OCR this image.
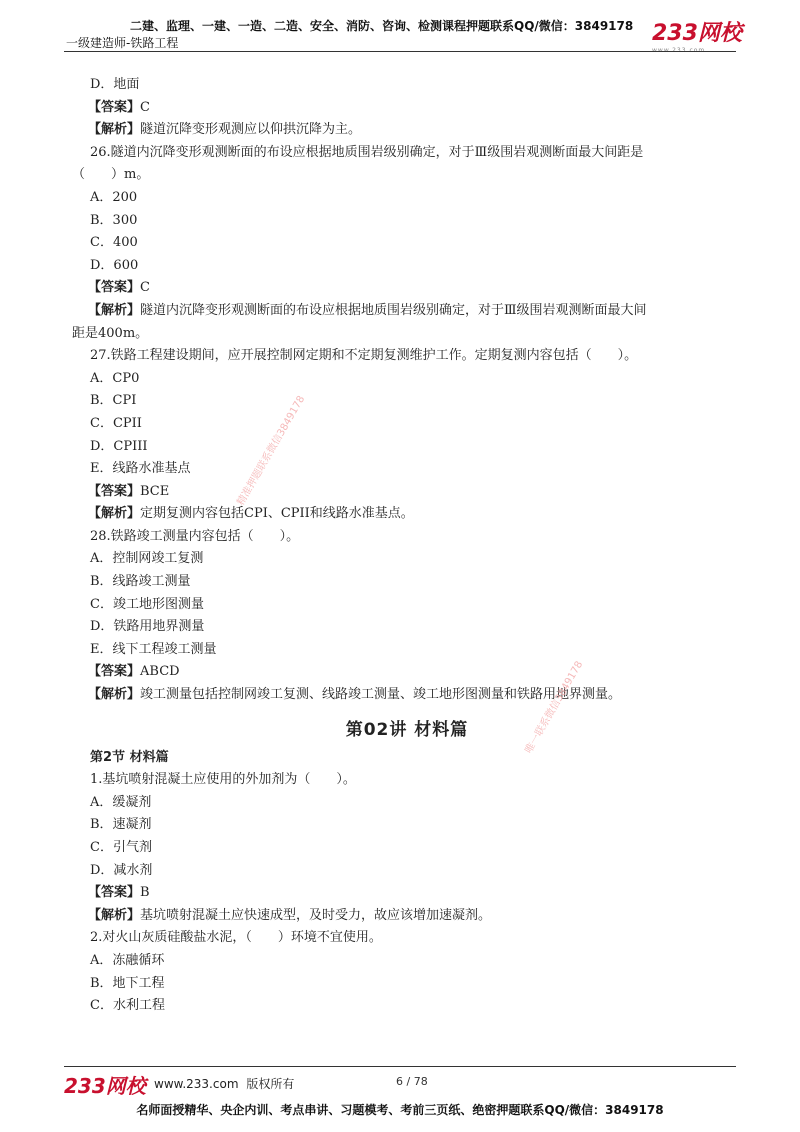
二建、监理、一建、一造、二造、安全、消防、咨询、检测课程押题联系QQ/微信：3849178
一级建造师-铁路工程	233网校
D．地面
【答案】C
【解析】隧道沉降变形观测应以仰拱沉降为主。
26.隧道内沉降变形观测断面的布设应根据地质围岩级别确定，对于Ⅲ级围岩观测断面最大间距是
（　　）m。
A．200
B．300
C．400
D．600
【答案】C
【解析】隧道内沉降变形观测断面的布设应根据地质围岩级别确定，对于Ⅲ级围岩观测断面最大间
距是400m。
27.铁路工程建设期间，应开展控制网定期和不定期复测维护工作。定期复测内容包括（　　）。
A．CP0
B．CPI
C．CPII
D．CPIII
E．线路水准基点
【答案】BCE
【解析】定期复测内容包括CPI、CPII和线路水准基点。
28.铁路竣工测量内容包括（　　）。
A．控制网竣工复测
B．线路竣工测量
C．竣工地形图测量
D．铁路用地界测量
E．线下工程竣工测量
【答案】ABCD
【解析】竣工测量包括控制网竣工复测、线路竣工测量、竣工地形图测量和铁路用地界测量。
第02讲 材料篇
第2节 材料篇
1.基坑喷射混凝土应使用的外加剂为（　　）。
A．缓凝剂
B．速凝剂
C．引气剂
D．减水剂
【答案】B
【解析】基坑喷射混凝土应快速成型，及时受力，故应该增加速凝剂。
2.对火山灰质硅酸盐水泥，（　　）环境不宜使用。
A．冻融循环
B．地下工程
C．水利工程
精准押题联系微信3849178
唯一联系微信3849178
233网校 www.233.com 版权所有	6 / 78
名师面授精华、央企内训、考点串讲、习题模考、考前三页纸、绝密押题联系QQ/微信：3849178
